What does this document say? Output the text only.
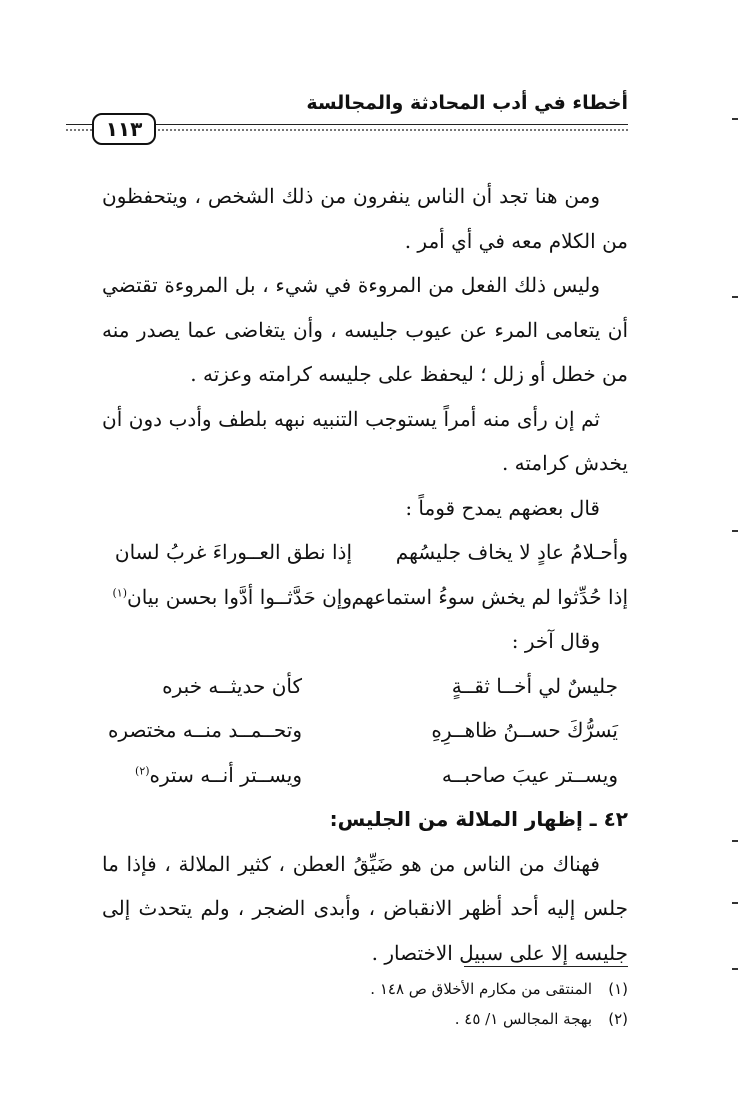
أخطاء في أدب المحادثة والمجالسة
١١٣

ومن هنا تجد أن الناس ينفرون من ذلك الشخص ، ويتحفظون من الكلام معه في أي أمر .

وليس ذلك الفعل من المروءة في شيء ، بل المروءة تقتضي أن يتعامى المرء عن عيوب جليسه ، وأن يتغاضى عما يصدر منه من خطل أو زلل ؛ ليحفظ على جليسه كرامته وعزته .

ثم إن رأى منه أمراً يستوجب التنبيه نبهه بلطف وأدب دون أن يخدش كرامته .

قال بعضهم يمدح قوماً :

وأحـلامُ عادٍ لا يخاف جليسُهم
إذا نطق العــوراءَ غربُ لسان
إذا حُدِّثوا لم يخش سوءُ استماعهم
وإن حَدَّثــوا أدَّوا بحسن بيان$^{(١)}$

وقال آخر :

جليسٌ لي أخــا ثقــةٍ
كأن حديثــه خبره
يَسرُّكَ حســنُ ظاهــرِهِ
وتحــمــد منــه مختصره
ويســتر عيبَ صاحبــه
ويســتر أنــه ستره$^{(٢)}$

٤٢ ـ إظهار الملالة من الجليس:

فهناك من الناس من هو ضَيِّقُ العطن ، كثير الملالة ، فإذا ما جلس إليه أحد أظهر الانقباض ، وأبدى الضجر ، ولم يتحدث إلى جليسه إلا على سبيل الاختصار .

(١)المنتقى من مكارم الأخلاق ص ١٤٨ .
(٢)بهجة المجالس ١/ ٤٥ .
